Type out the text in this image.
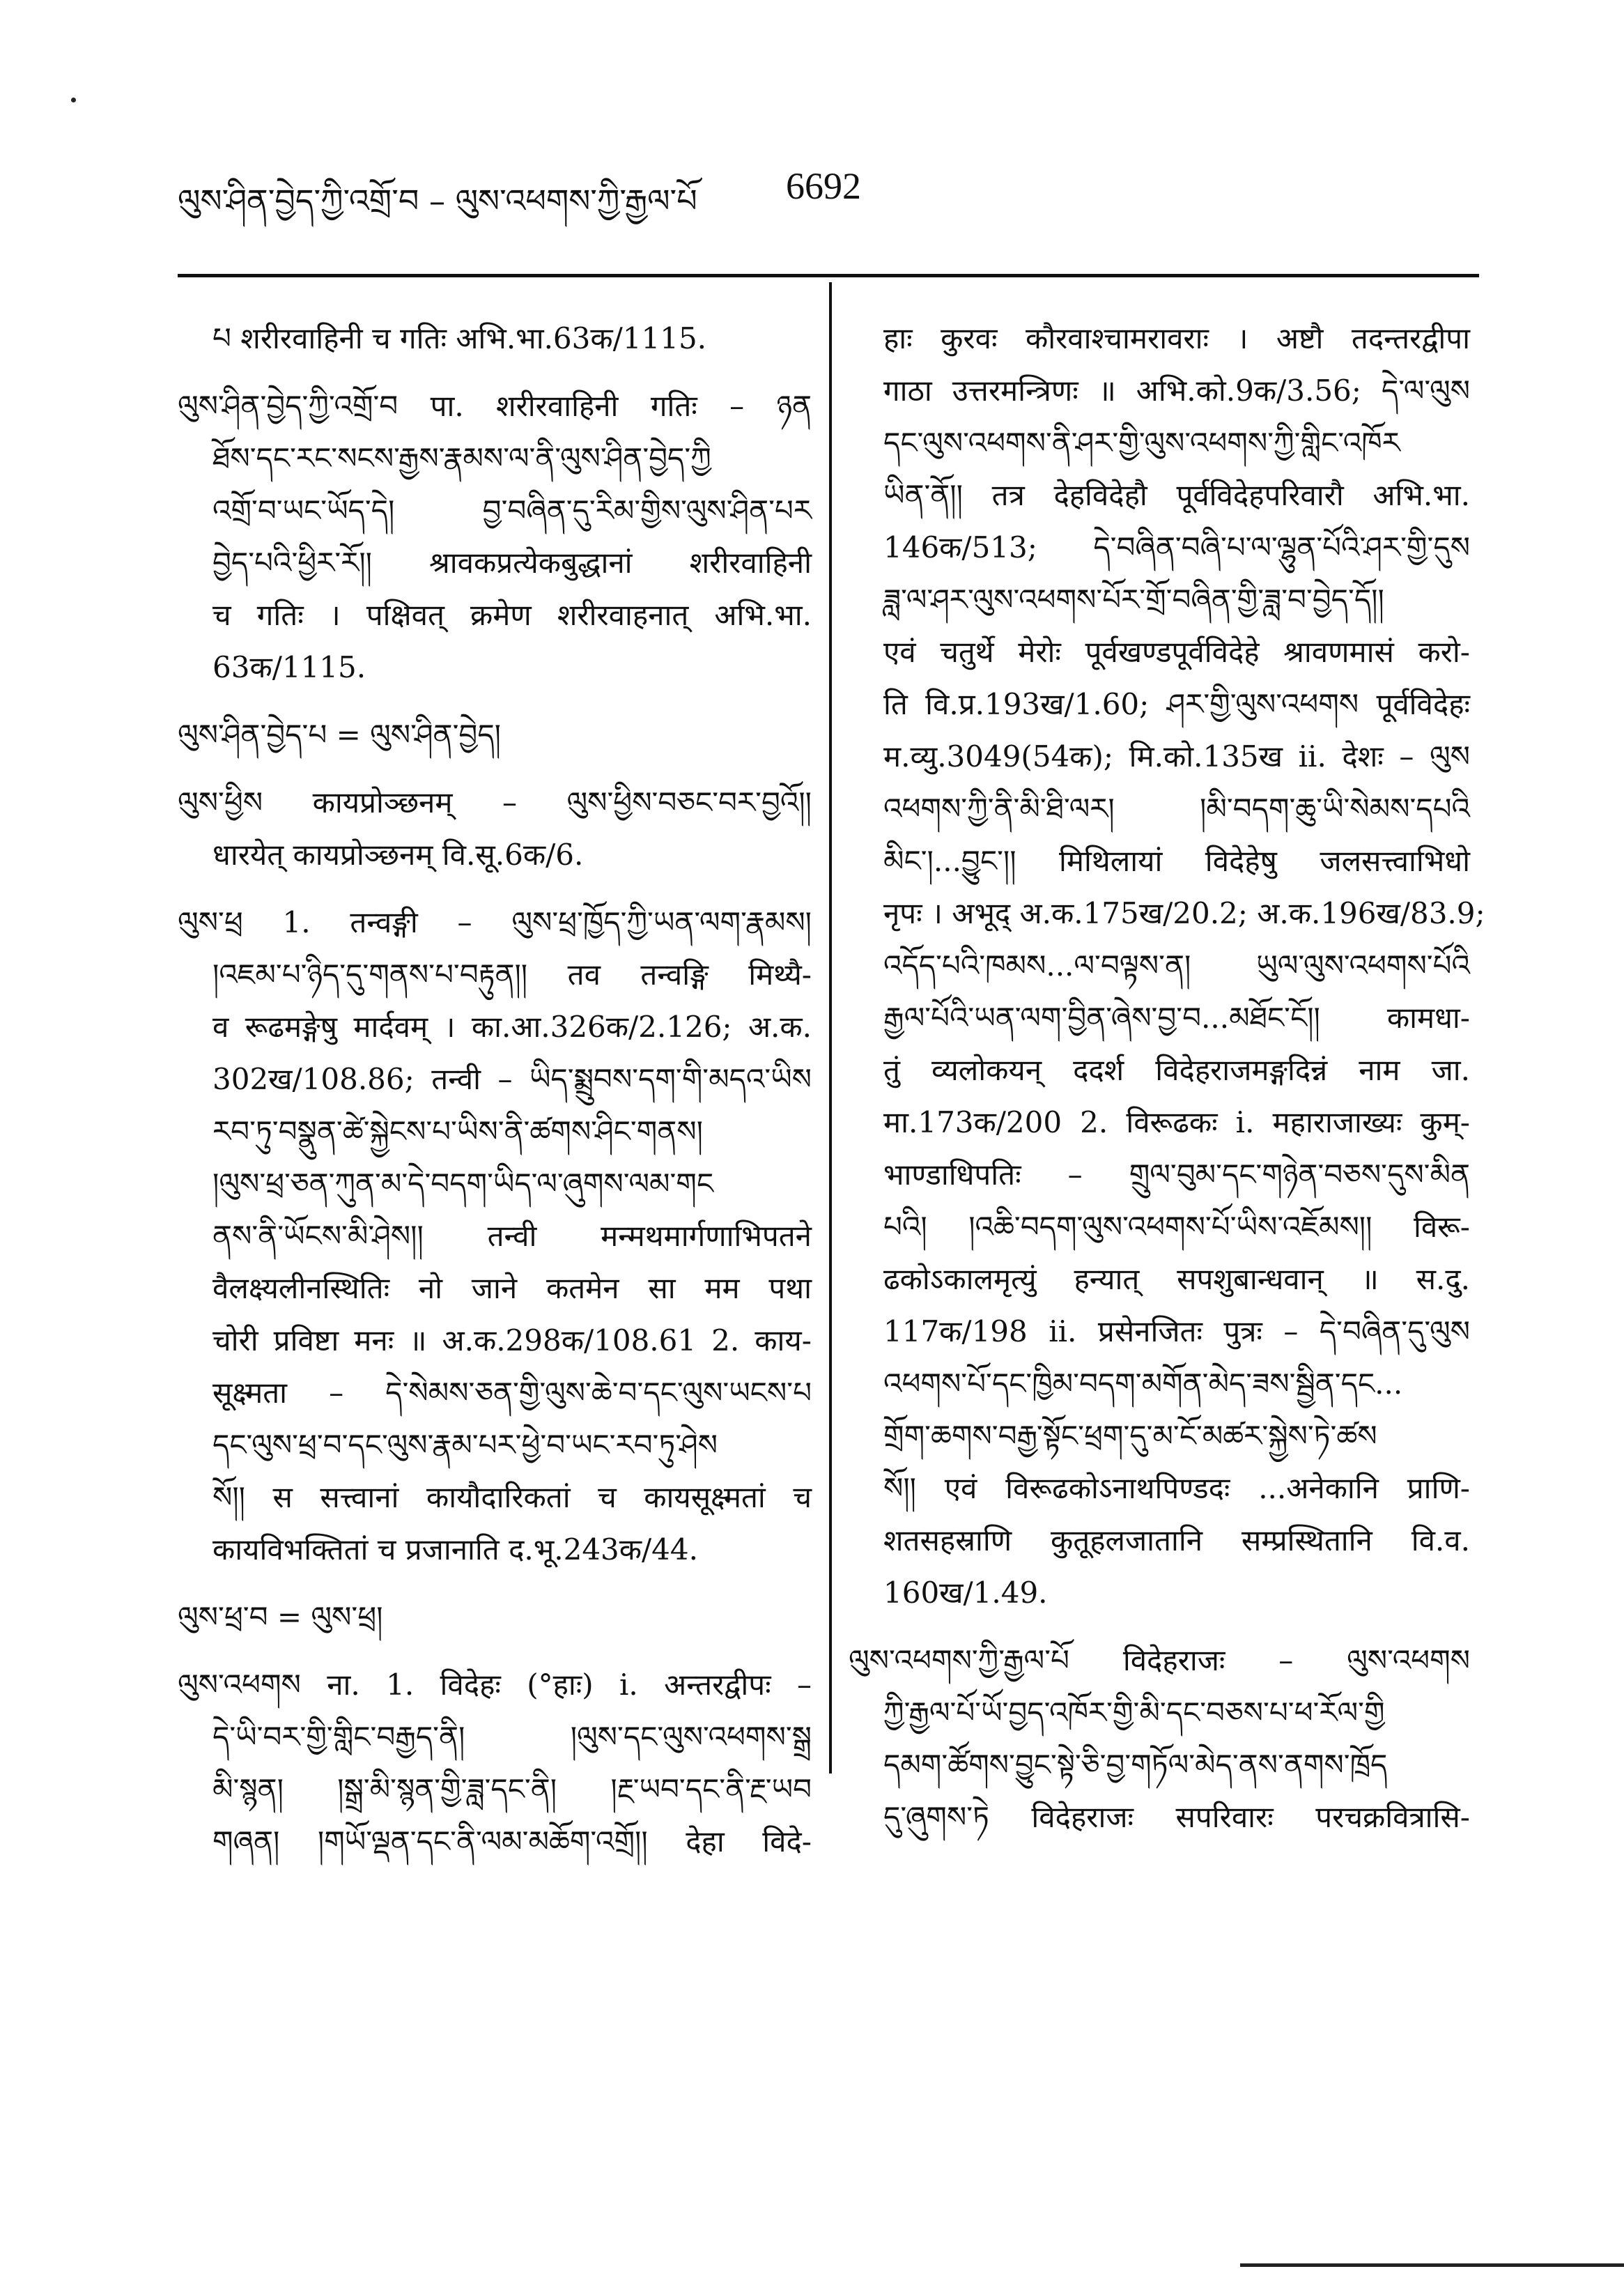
ལུས་ཤིན་བྱེད་ཀྱི་འགྲོ་བ – ལུས་འཕགས་ཀྱི་རྒྱལ་པོ 6692
པ शरीरवाहिनी च गतिः अभि.भा.63क/1115.
ལུས་ཤིན་བྱེད་ཀྱི་འགྲོ་བ पा. शरीरवाहिनी गतिः – ཉན
ཐོས་དང་རང་སངས་རྒྱས་རྣམས་ལ་ནི་ལུས་ཤིན་བྱེད་ཀྱི
འགྲོ་བ་ཡང་ཡོད་དེ། བྱ་བཞིན་དུ་རིམ་གྱིས་ལུས་ཤིན་པར
བྱེད་པའི་ཕྱིར་རོ།། श्रावकप्रत्येकबुद्धानां शरीरवाहिनी
च गतिः । पक्षिवत् क्रमेण शरीरवाहनात् अभि.भा.
63क/1115.
ལུས་ཤིན་བྱེད་པ = ལུས་ཤིན་བྱེད།
ལུས་ཕྱིས कायप्रोञ्छनम् – ལུས་ཕྱིས་བཅང་བར་བྱའོ།།
धारयेत् कायप्रोञ्छनम् वि.सू.6क/6.
ལུས་ཕྲ 1. तन्वङ्गी – ལུས་ཕྲ་ཁྱོད་ཀྱི་ཡན་ལག་རྣམས།
།འཇམ་པ་ཉིད་དུ་གནས་པ་བརྟུན།། तव तन्वङ्गि मिथ्यै-
व रूढमङ्गेषु मार्दवम् । का.आ.326क/2.126; अ.क.
302ख/108.86; तन्वी – ཡིད་སྨྲུབས་དག་གི་མདའ་ཡིས
རབ་ཏུ་བསྣུན་ཚེ་སྐྱེངས་པ་ཡིས་ནི་ཚགས་ཤིང་གནས།
།ལུས་ཕྲ་ཅན་ཀུན་མ་དེ་བདག་ཡིད་ལ་ཞུགས་ལམ་གང
ནས་ནི་ཡོངས་མི་ཤེས།། तन्वी मन्मथमार्गणाभिपतने
वैलक्ष्यलीनस्थितिः नो जाने कतमेन सा मम पथा
चोरी प्रविष्टा मनः ॥ अ.क.298क/108.61 2. काय-
सूक्ष्मता – དེ་སེམས་ཅན་གྱི་ལུས་ཆེ་བ་དང་ལུས་ཡངས་པ
དང་ལུས་ཕྲ་བ་དང་ལུས་རྣམ་པར་ཕྱེ་བ་ཡང་རབ་ཏུ་ཤེས
སོ།། स सत्त्वानां कायौदारिकतां च कायसूक्ष्मतां च
कायविभक्तितां च प्रजानाति द.भू.243क/44.
ལུས་ཕྲ་བ = ལུས་ཕྲ།
ལུས་འཕགས ना. 1. विदेहः (°हाः) i. अन्तरद्वीपः –
དེ་ཡི་བར་གྱི་གླིང་བརྒྱད་ནི། །ལུས་དང་ལུས་འཕགས་སྒྲ
མི་སྙན། །སྒྲ་མི་སྙན་གྱི་ཟླ་དང་ནི། །རྔ་ཡབ་དང་ནི་རྔ་ཡབ
གཞན། །གཡོ་ལྡན་དང་ནི་ལམ་མཆོག་འགྲོ།། देहा विदे-
हाः कुरवः कौरवाश्चामरावराः । अष्टौ तदन्तरद्वीपा
गाठा उत्तरमन्त्रिणः ॥ अभि.को.9क/3.56; དེ་ལ་ལུས
དང་ལུས་འཕགས་ནི་ཤར་གྱི་ལུས་འཕགས་ཀྱི་གླིང་འཁོར
ཡིན་ནོ།། तत्र देहविदेहौ पूर्वविदेहपरिवारौ अभि.भा.
146क/513; དེ་བཞིན་བཞི་པ་ལ་ལྷུན་པོའི་ཤར་གྱི་དུས
ཟླ་ལ་ཤར་ལུས་འཕགས་པོར་གྲོ་བཞིན་གྱི་ཟླ་བ་བྱེད་དོ།།
एवं चतुर्थे मेरोः पूर्वखण्डपूर्वविदेहे श्रावणमासं करो-
ति वि.प्र.193ख/1.60; ཤར་གྱི་ལུས་འཕགས पूर्वविदेहः
म.व्यु.3049(54क); मि.को.135ख ii. देशः – ལུས
འཕགས་ཀྱི་ནི་མི་ཐི་ལར། །མི་བདག་ཆུ་ཡི་སེམས་དཔའི
མིང་།...བྱུང་།། मिथिलायां विदेहेषु जलसत्त्वाभिधो
नृपः । अभूद् अ.क.175ख/20.2; अ.क.196ख/83.9;
འདོད་པའི་ཁམས...ལ་བལྟས་ན། ཡུལ་ལུས་འཕགས་པོའི
རྒྱལ་པོའི་ཡན་ལག་བྱིན་ཞེས་བྱ་བ...མཐོང་ངོ།། कामधा-
तुं व्यलोकयन् ददर्श विदेहराजमङ्गदिन्नं नाम जा.
मा.173क/200 2. विरूढकः i. महाराजाख्यः कुम्-
भाण्डाधिपतिः – གྲུལ་བུམ་དང་གཉེན་བཅས་དུས་མིན
པའི། །འཆི་བདག་ལུས་འཕགས་པོ་ཡིས་འཇོམས།། विरू-
ढकोऽकालमृत्युं हन्यात् सपशुबान्धवान् ॥ स.दु.
117क/198 ii. प्रसेनजितः पुत्रः – དེ་བཞིན་དུ་ལུས
འཕགས་པོ་དང་ཁྱིམ་བདག་མགོན་མེད་ཟས་སྦྱིན་དང...
གྲོག་ཆགས་བརྒྱ་སྟོང་ཕྲག་དུ་མ་ངོ་མཚར་སྐྱེས་ཏེ་ཚས
སོ།། एवं विरूढकोऽनाथपिण्डदः ...अनेकानि प्राणि-
शतसहस्राणि कुतूहलजातानि सम्प्रस्थितानि वि.व.
160ख/1.49.
ལུས་འཕགས་ཀྱི་རྒྱལ་པོ विदेहराजः – ལུས་འཕགས
ཀྱི་རྒྱལ་པོ་ཡོ་བྱད་འཁོར་གྱི་མི་དང་བཅས་པ་ཕ་རོལ་གྱི
དམག་ཚོགས་བྱུང་སྟེ་ཅི་བྱ་གཏོལ་མེད་ནས་ནགས་ཁྲོད
དུ་ཞུགས་ཏེ विदेहराजः सपरिवारः परचक्रवित्रासि-
